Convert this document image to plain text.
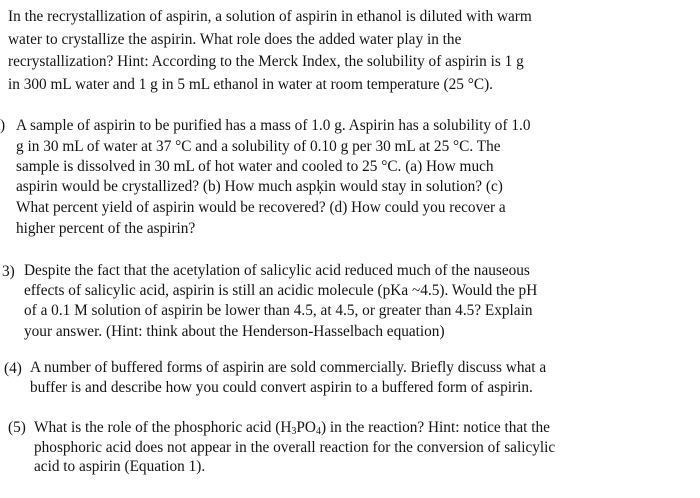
In the recrystallization of aspirin, a solution of aspirin in ethanol is diluted with warm
water to crystallize the aspirin. What role does the added water play in the
recrystallization? Hint: According to the Merck Index, the solubility of aspirin is 1 g
in 300 mL water and 1 g in 5 mL ethanol in water at room temperature (25 °C).
) A sample of aspirin to be purified has a mass of 1.0 g. Aspirin has a solubility of 1.0
g in 30 mL of water at 37 °C and a solubility of 0.10 g per 30 mL at 25 °C. The
sample is dissolved in 30 mL of hot water and cooled to 25 °C. (a) How much
aspirin would be crystallized? (b) How much aspķin would stay in solution? (c)
What percent yield of aspirin would be recovered? (d) How could you recover a
higher percent of the aspirin?
3) Despite the fact that the acetylation of salicylic acid reduced much of the nauseous
effects of salicylic acid, aspirin is still an acidic molecule (pKa ~4.5). Would the pH
of a 0.1 M solution of aspirin be lower than 4.5, at 4.5, or greater than 4.5? Explain
your answer. (Hint: think about the Henderson-Hasselbach equation)
(4) A number of buffered forms of aspirin are sold commercially. Briefly discuss what a
buffer is and describe how you could convert aspirin to a buffered form of aspirin.
(5) What is the role of the phosphoric acid $(H_3PO_4)$ in the reaction? Hint: notice that the
phosphoric acid does not appear in the overall reaction for the conversion of salicylic
acid to aspirin (Equation 1).
